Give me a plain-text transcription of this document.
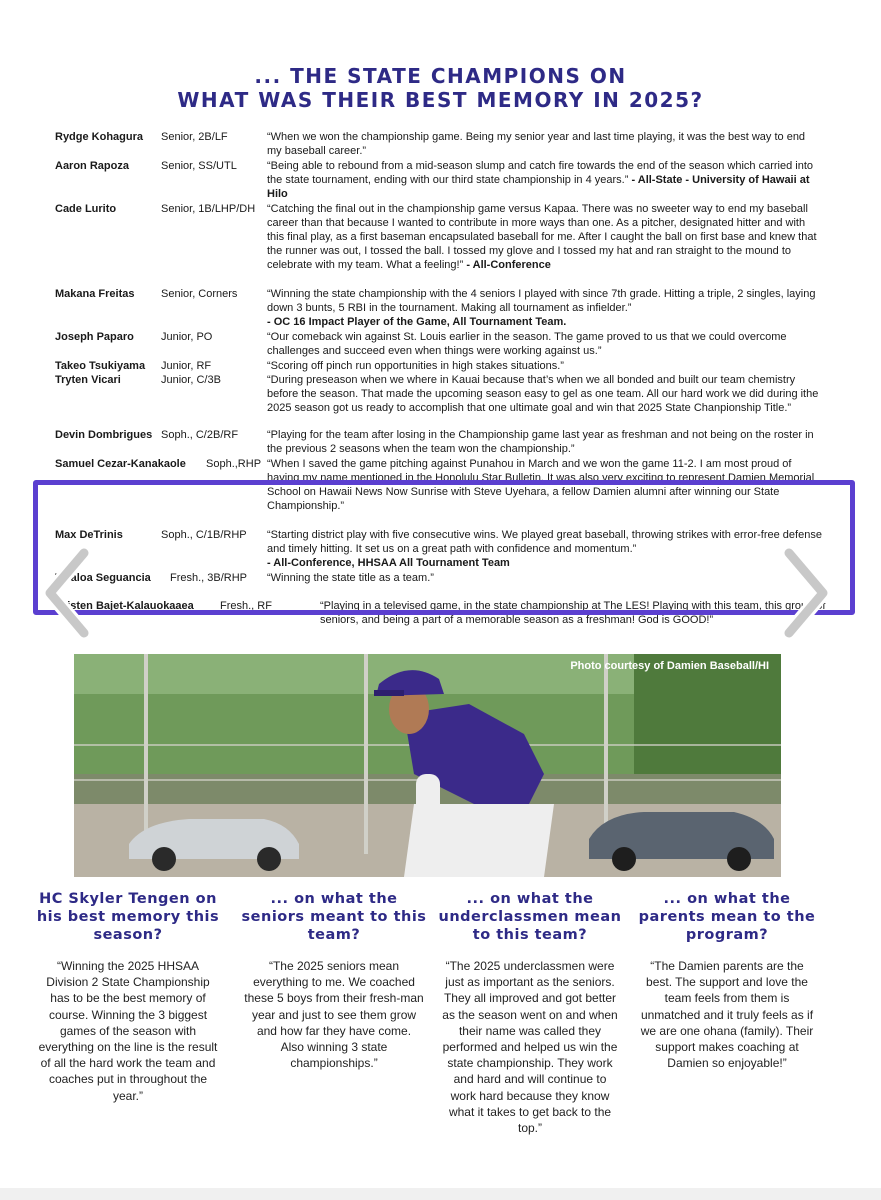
... THE STATE CHAMPIONS ON
WHAT WAS THEIR BEST MEMORY IN 2025?
Rydge Kohagura Senior, 2B/LF	“When we won the championship game. Being my senior year and last time playing, it was the best way to end my baseball career.”
Aaron Rapoza	Senior, SS/UTL	“Being able to rebound from a mid-season slump and catch fire towards the end of the season which carried into the state tournament, ending with our third state championship in 4 years.” - All-State - University of Hawaii at Hilo
Cade Lurito	Senior, 1B/LHP/DH “Catching the final out in the championship game versus Kapaa. There was no sweeter way to end my baseball career than that because I wanted to contribute in more ways than one. As a pitcher, designated hitter and with this final play, as a first baseman encapsulated baseball for me. After I caught the ball on first base and knew that the runner was out, I tossed the ball. I tossed my glove and I tossed my hat and ran straight to the mound to celebrate with my team. What a feeling!” - All-Conference
Makana Freitas Senior, Corners	“Winning the state championship with the 4 seniors I played with since 7th grade. Hitting a triple, 2 singles, laying down 3 bunts, 5 RBI in the tournament. Making all tournament as infielder.”
- OC 16 Impact Player of the Game, All Tournament Team.
Joseph Paparo Junior, PO	“Our comeback win against St. Louis earlier in the season. The game proved to us that we could overcome challenges and succeed even when things were working against us.”
Takeo Tsukiyama Junior, RF	“Scoring off pinch run opportunities in high stakes situations.”
Tryten Vicari	Junior, C/3B	“During preseason when we where in Kauai because that’s when we all bonded and built our team chemistry before the season. That made the upcoming season easy to gel as one team. All our hard work we did during ithe 2025 season got us ready to accomplish that one ultimate goal and win that 2025 State Chanpionship Title.”
Devin Dombrigues Soph., C/2B/RF	“Playing for the team after losing in the Championship game last year as freshman and not being on the roster in the previous 2 seasons when the team won the championship.”
Samuel Cezar-Kanakaole Soph.,RHP “When I saved the game pitching against Punahou in March and we won the game 11-2. I am most proud of having my name mentioned in the Honolulu Star Bulletin. It was also very exciting to represent Damien Memorial School on Hawaii News Now Sunrise with Steve Uyehara, a fellow Damien alumni after winning our State Championship.”
Max DeTrinis	Soph., C/1B/RHP “Starting district play with five consecutive wins. We played great baseball, throwing strikes with error-free defense and timely hitting. It set us on a great path with confidence and momentum.”
- All-Conference, HHSAA All Tournament Team
Tafaloa Seguancia Fresh., 3B/RHP “Winning the state title as a team.”
Kristen Bajet-Kalauokaaea Fresh., RF	“Playing in a televised game, in the state championship at The LES! Playing with this team, this group of seniors, and being a part of a memorable season as a freshman! God is GOOD!”
Photo courtesy of Damien Baseball/HI
HC Skyler Tengen on his best memory this season?
“Winning the 2025 HHSAA Division 2 State Championship has to be the best memory of course. Winning the 3 biggest games of the season with everything on the line is the result of all the hard work the team and coaches put in throughout the year.”
... on what the seniors meant to this team?
“The 2025 seniors mean everything to me. We coached these 5 boys from their fresh-man year and just to see them grow and how far they have come. Also winning 3 state championships.”
... on what the underclassmen mean to this team?
“The 2025 underclassmen were just as important as the seniors. They all improved and got better as the season went on and when their name was called they performed and helped us win the state championship. They work and hard and will continue to work hard because they know what it takes to get back to the top.”
... on what the parents mean to the program?
“The Damien parents are the best. The support and love the team feels from them is unmatched and it truly feels as if we are one ohana (family). Their support makes coaching at Damien so enjoyable!”
